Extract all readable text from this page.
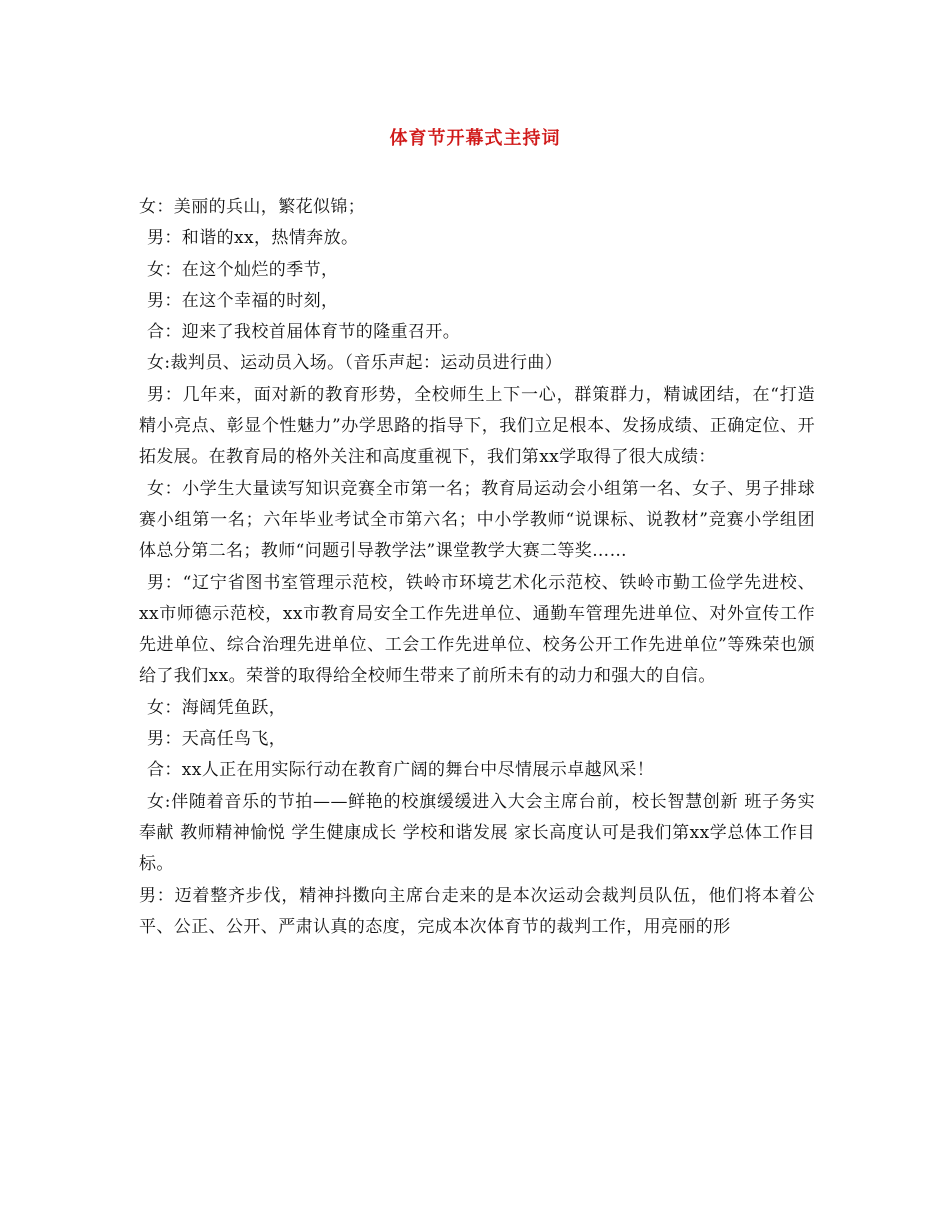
体育节开幕式主持词

女：美丽的兵山，繁花似锦；

男：和谐的xx，热情奔放。

女：在这个灿烂的季节，

男：在这个幸福的时刻，

合：迎来了我校首届体育节的隆重召开。

女:裁判员、运动员入场。（音乐声起：运动员进行曲）

男：几年来，面对新的教育形势，全校师生上下一心，群策群力，精诚团结，在“打造精小亮点、彰显个性魅力”办学思路的指导下，我们立足根本、发扬成绩、正确定位、开拓发展。在教育局的格外关注和高度重视下，我们第xx学取得了很大成绩：

女：小学生大量读写知识竞赛全市第一名；教育局运动会小组第一名、女子、男子排球赛小组第一名；六年毕业考试全市第六名；中小学教师“说课标、说教材”竞赛小学组团体总分第二名；教师“问题引导教学法”课堂教学大赛二等奖……

男：“辽宁省图书室管理示范校，铁岭市环境艺术化示范校、铁岭市勤工俭学先进校、xx市师德示范校，xx市教育局安全工作先进单位、通勤车管理先进单位、对外宣传工作先进单位、综合治理先进单位、工会工作先进单位、校务公开工作先进单位”等殊荣也颁给了我们xx。荣誉的取得给全校师生带来了前所未有的动力和强大的自信。

女：海阔凭鱼跃，

男：天高任鸟飞，

合：xx人正在用实际行动在教育广阔的舞台中尽情展示卓越风采！

女:伴随着音乐的节拍——鲜艳的校旗缓缓进入大会主席台前，校长智慧创新 班子务实奉献 教师精神愉悦 学生健康成长 学校和谐发展 家长高度认可是我们第xx学总体工作目标。

男：迈着整齐步伐，精神抖擞向主席台走来的是本次运动会裁判员队伍，他们将本着公平、公正、公开、严肃认真的态度，完成本次体育节的裁判工作，用亮丽的形
